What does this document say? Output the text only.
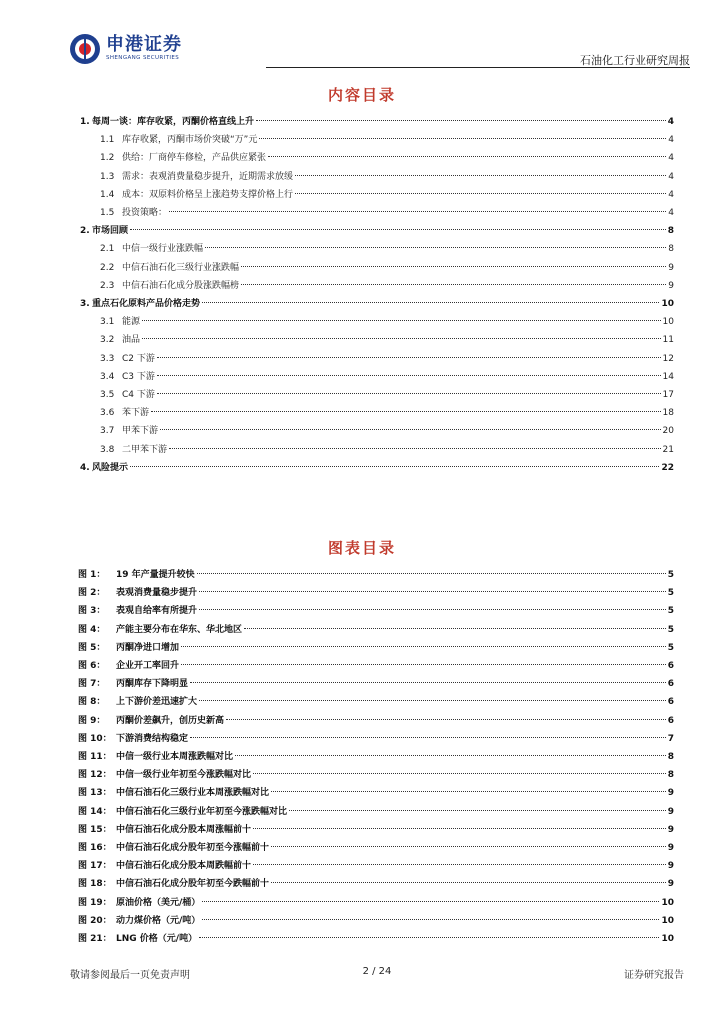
申港证券
SHENGANG SECURITIES	石油化工行业研究周报
内容目录
1. 每周一谈：库存收紧，丙酮价格直线上升	4
1.1 库存收紧，丙酮市场价突破“万”元	4
1.2 供给：厂商停车修检，产品供应紧张	4
1.3 需求：表观消费量稳步提升，近期需求放缓	4
1.4 成本：双原料价格呈上涨趋势支撑价格上行	4
1.5 投资策略：	4
2. 市场回顾	8
2.1 中信一级行业涨跌幅	8
2.2 中信石油石化三级行业涨跌幅	9
2.3 中信石油石化成分股涨跌幅榜	9
3. 重点石化原料产品价格走势	10
3.1 能源	10
3.2 油品	11
3.3 C2 下游	12
3.4 C3 下游	14
3.5 C4 下游	17
3.6 苯下游	18
3.7 甲苯下游	20
3.8 二甲苯下游	21
4. 风险提示	22
图表目录
图 1：	19 年产量提升较快	5
图 2：	表观消费量稳步提升	5
图 3：	表观自给率有所提升	5
图 4：	产能主要分布在华东、华北地区	5
图 5：	丙酮净进口增加	5
图 6：	企业开工率回升	6
图 7：	丙酮库存下降明显	6
图 8：	上下游价差迅速扩大	6
图 9：	丙酮价差飙升，创历史新高	6
图 10： 下游消费结构稳定	7
图 11： 中信一级行业本周涨跌幅对比	8
图 12： 中信一级行业年初至今涨跌幅对比	8
图 13： 中信石油石化三级行业本周涨跌幅对比	9
图 14： 中信石油石化三级行业年初至今涨跌幅对比	9
图 15： 中信石油石化成分股本周涨幅前十	9
图 16： 中信石油石化成分股年初至今涨幅前十	9
图 17： 中信石油石化成分股本周跌幅前十	9
图 18： 中信石油石化成分股年初至今跌幅前十	9
图 19： 原油价格（美元/桶）	10
图 20： 动力煤价格（元/吨）	10
图 21： LNG 价格（元/吨）	10
敬请参阅最后一页免责声明	2 / 24	证券研究报告
